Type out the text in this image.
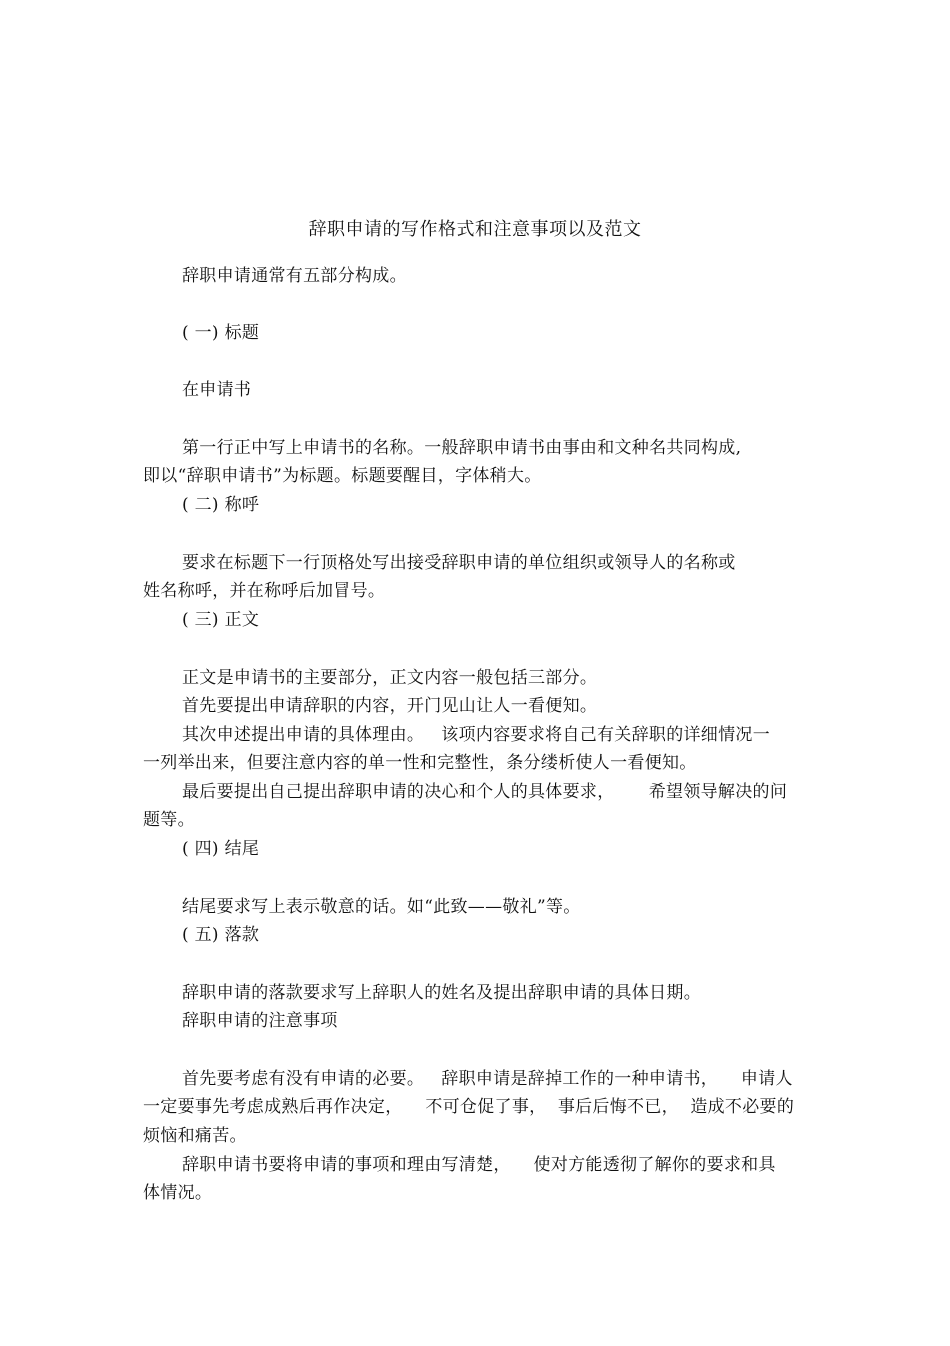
辞职申请的写作格式和注意事项以及范文
辞职申请通常有五部分构成。
( 一) 标题
在申请书
第一行正中写上申请书的名称。一般辞职申请书由事由和文种名共同构成,
即以“辞职申请书”为标题。标题要醒目，字体稍大。
( 二) 称呼
要求在标题下一行顶格处写出接受辞职申请的单位组织或领导人的名称或
姓名称呼，并在称呼后加冒号。
( 三) 正文
正文是申请书的主要部分，正文内容一般包括三部分。
首先要提出申请辞职的内容，开门见山让人一看便知。
其次申述提出申请的具体理由。   该项内容要求将自己有关辞职的详细情况一
一列举出来，但要注意内容的单一性和完整性，条分缕析使人一看便知。
最后要提出自己提出辞职申请的决心和个人的具体要求，      希望领导解决的问
题等。
( 四) 结尾
结尾要求写上表示敬意的话。如“此致——敬礼”等。
( 五) 落款
辞职申请的落款要求写上辞职人的姓名及提出辞职申请的具体日期。
辞职申请的注意事项
首先要考虑有没有申请的必要。   辞职申请是辞掉工作的一种申请书，    申请人
一定要事先考虑成熟后再作决定，    不可仓促了事，  事后后悔不已，  造成不必要的
烦恼和痛苦。
辞职申请书要将申请的事项和理由写清楚，    使对方能透彻了解你的要求和具
体情况。
